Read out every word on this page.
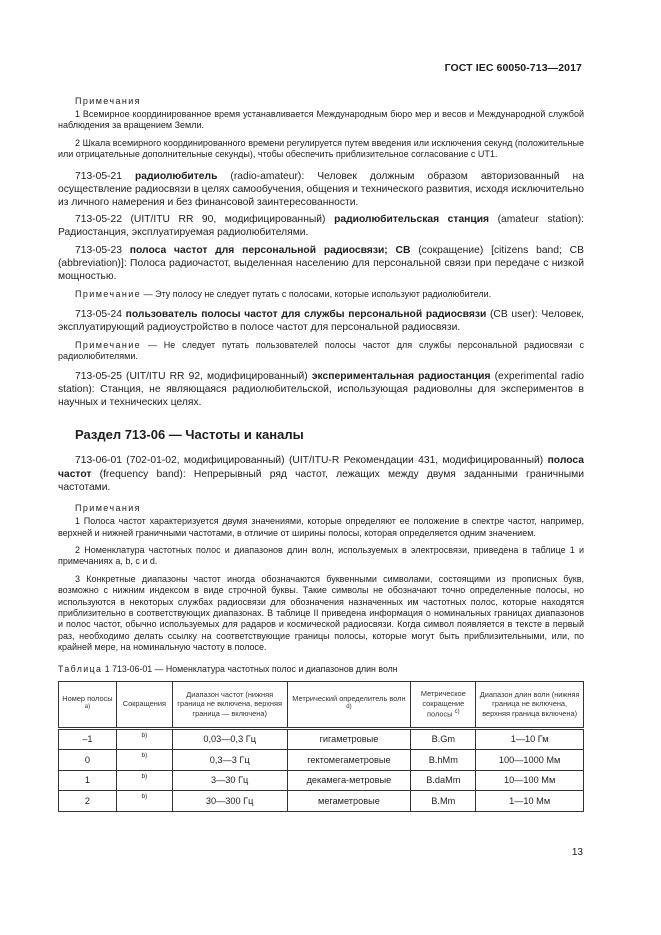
ГОСТ IEC 60050-713—2017

Примечания

1 Всемирное координированное время устанавливается Международным бюро мер и весов и Международной службой наблюдения за вращением Земли.

2 Шкала всемирного координированного времени регулируется путем введения или исключения секунд (положительные или отрицательные дополнительные секунды), чтобы обеспечить приблизительное согласование с UT1.

713-05-21 радиолюбитель (radio-amateur): Человек должным образом авторизованный на осуществление радиосвязи в целях самообучения, общения и технического развития, исходя исключительно из личного намерения и без финансовой заинтересованности.

713-05-22 (UIT/ITU RR 90, модифицированный) радиолюбительская станция (amateur station): Радиостанция, эксплуатируемая радиолюбителями.

713-05-23 полоса частот для персональной радиосвязи; CB (сокращение) [citizens band; CB (abbreviation)]: Полоса радиочастот, выделенная населению для персональной связи при передаче с низкой мощностью.

Примечание — Эту полосу не следует путать с полосами, которые используют радиолюбители.

713-05-24 пользователь полосы частот для службы персональной радиосвязи (CB user): Человек, эксплуатирующий радиоустройство в полосе частот для персональной радиосвязи.

Примечание — Не следует путать пользователей полосы частот для службы персональной радиосвязи с радиолюбителями.

713-05-25 (UIT/ITU RR 92, модифицированный) экспериментальная радиостанция (experimental radio station): Станция, не являющаяся радиолюбительской, использующая радиоволны для экспериментов в научных и технических целях.

Раздел 713-06 — Частоты и каналы

713-06-01 (702-01-02, модифицированный) (UIT/ITU-R Рекомендации 431, модифицированный) полоса частот (frequency band): Непрерывный ряд частот, лежащих между двумя заданными граничными частотами.

Примечания

1 Полоса частот характеризуется двумя значениями, которые определяют ее положение в спектре частот, например, верхней и нижней граничными частотами, в отличие от ширины полосы, которая определяется одним значением.

2 Номенклатура частотных полос и диапазонов длин волн, используемых в электросвязи, приведена в таблице 1 и примечаниях a, b, c и d.

3 Конкретные диапазоны частот иногда обозначаются буквенными символами, состоящими из прописных букв, возможно с нижним индексом в виде строчной буквы. Такие символы не обозначают точно определенные полосы, но используются в некоторых службах радиосвязи для обозначения назначенных им частотных полос, которые находятся приблизительно в соответствующих диапазонах. В таблице II приведена информация о номинальных границах диапазонов и полос частот, обычно используемых для радаров и космической радиосвязи. Когда символ появляется в тексте в первый раз, необходимо делать ссылку на соответствующие границы полосы, которые могут быть приблизительными, или, по крайней мере, на номинальную частоту в полосе.

Таблица 1 713-06-01 — Номенклатура частотных полос и диапазонов длин волн

Номер полосы $^{a)}$	Сокращения	Диапазон частот (нижняя граница не включена, верхняя граница — включена)	Метрический определитель волн $^{d)}$	Метрическое сокращение полосы $^{c)}$	Диапазон длин волн (нижняя граница не включена, верхняя граница включена)
–1	b)	0,03—0,3 Гц	гигаметровые	B.Gm	1—10 Гм
0	b)	0,3—3 Гц	гектомегаметровые	B.hMm	100—1000 Мм
1	b)	3—30 Гц	декамега-метровые	B.daMm	10—100 Мм
2	b)	30—300 Гц	мегаметровые	B.Mm	1—10 Мм
13
